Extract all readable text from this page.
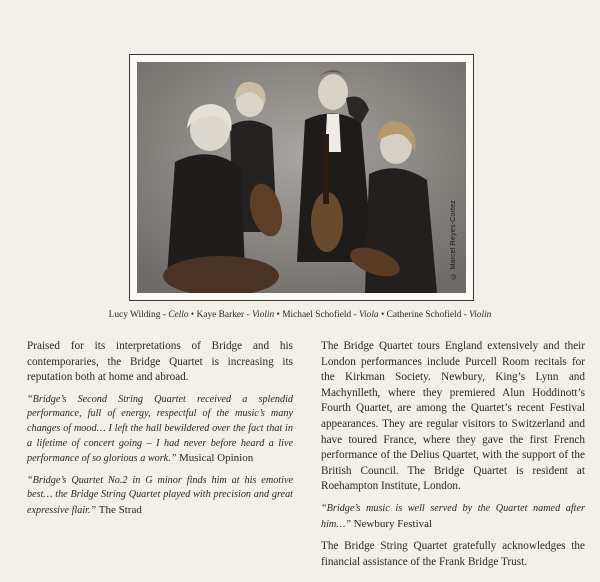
© Marcel Reyes-Cortez
Lucy Wilding - Cello • Kaye Barker - Violin • Michael Schofield - Viola • Catherine Schofield - Violin

Praised for its interpretations of Bridge and his contemporaries, the Bridge Quartet is increasing its reputation both at home and abroad.

“Bridge’s Second String Quartet received a splendid performance, full of energy, respectful of the music’s many changes of mood… I left the hall bewildered over the fact that in a lifetime of concert going – I had never before heard a live performance of so glorious a work.” Musical Opinion

“Bridge’s Quartet No.2 in G minor finds him at his emotive best… the Bridge String Quartet played with precision and great expressive flair.” The Strad

The Bridge Quartet tours England extensively and their London performances include Purcell Room recitals for the Kirkman Society. Newbury, King’s Lynn and Machynlleth, where they premiered Alun Hoddinott’s Fourth Quartet, are among the Quartet’s recent Festival appearances. They are regular visitors to Switzerland and have toured France, where they gave the first French performance of the Delius Quartet, with the support of the British Council. The Bridge Quartet is resident at Roehampton Institute, London.

“Bridge’s music is well served by the Quartet named after him…” Newbury Festival

The Bridge String Quartet gratefully acknowledges the financial assistance of the Frank Bridge Trust.
